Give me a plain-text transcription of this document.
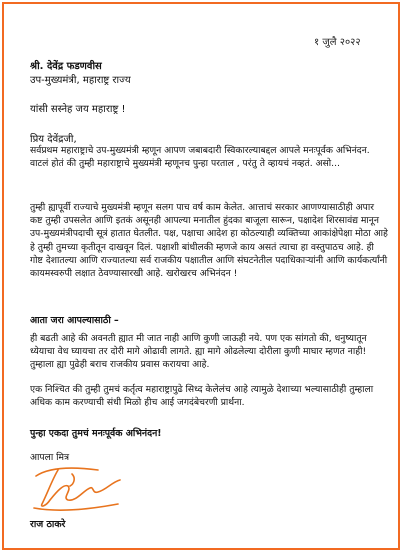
१ जुलै २०२२
श्री. देवेंद्र फडणवीस
उप-मुख्यमंत्री, महाराष्ट्र राज्य
यांसी सस्नेह जय महाराष्ट्र !
प्रिय देवेंद्रजी,
सर्वप्रथम महाराष्ट्राचे उप-मुख्यमंत्री म्हणून आपण जबाबदारी स्विकारल्याबद्दल आपले मनःपूर्वक अभिनंदन. वाटलं होतं की तुम्ही महाराष्ट्राचे मुख्यमंत्री म्हणूनच पुन्हा परताल , परंतु ते व्हायचं नव्हतं. असो...
तुम्ही ह्यापूर्वी राज्याचे मुख्यमंत्री म्हणून सलग पाच वर्ष काम केलेत. आत्ताचं सरकार आणण्यासाठीही अपार कष्ट तुम्ही उपसलेत आणि इतकं असूनही आपल्या मनातील हुंदका बाजूला सारून, पक्षादेश शिरसावंद्य मानून उप-मुख्यमंत्रीपदाची सूत्रं हातात घेतलीत. पक्ष, पक्षाचा आदेश हा कोठल्याही व्यक्तिच्या आकांक्षेपेक्षा मोठा आहे हे तुम्ही तुमच्या कृतीतून दाखवून दिलं. पक्षाशी बांधीलकी म्हणजे काय असतं त्याचा हा वस्तुपाठच आहे. ही गोष्ट देशातल्या आणि राज्यातल्या सर्व राजकीय पक्षातील आणि संघटनेतील पदाधिकाऱ्यांनी आणि कार्यकर्त्यांनी कायमस्वरुपी लक्षात ठेवण्यासारखी आहे. खरोखरच अभिनंदन !
आता जरा आपल्यासाठी –
ही बढती आहे की अवनती ह्यात मी जात नाही आणि कुणी जाऊही नये. पण एक सांगतो की, धनुष्यातून ध्येयाचा वेध घ्यायचा तर दोरी मागे ओढावी लागते. ह्या मागे ओढलेल्या दोरीला कुणी माघार म्हणत नाही! तुम्हाला ह्या पुढेही बराच राजकीय प्रवास करायचा आहे.
एक निश्चित की तुम्ही तुमचं कर्तृत्व महाराष्ट्रापुढे सिध्द केलेलंच आहे त्यामुळे देशाच्या भल्यासाठीही तुम्हाला अधिक काम करण्याची संधी मिळो हीच आई जगदंबेचरणी प्रार्थना.
पुन्हा एकदा तुमचं मनःपूर्वक अभिनंदन!
आपला मित्र
राज ठाकरे
